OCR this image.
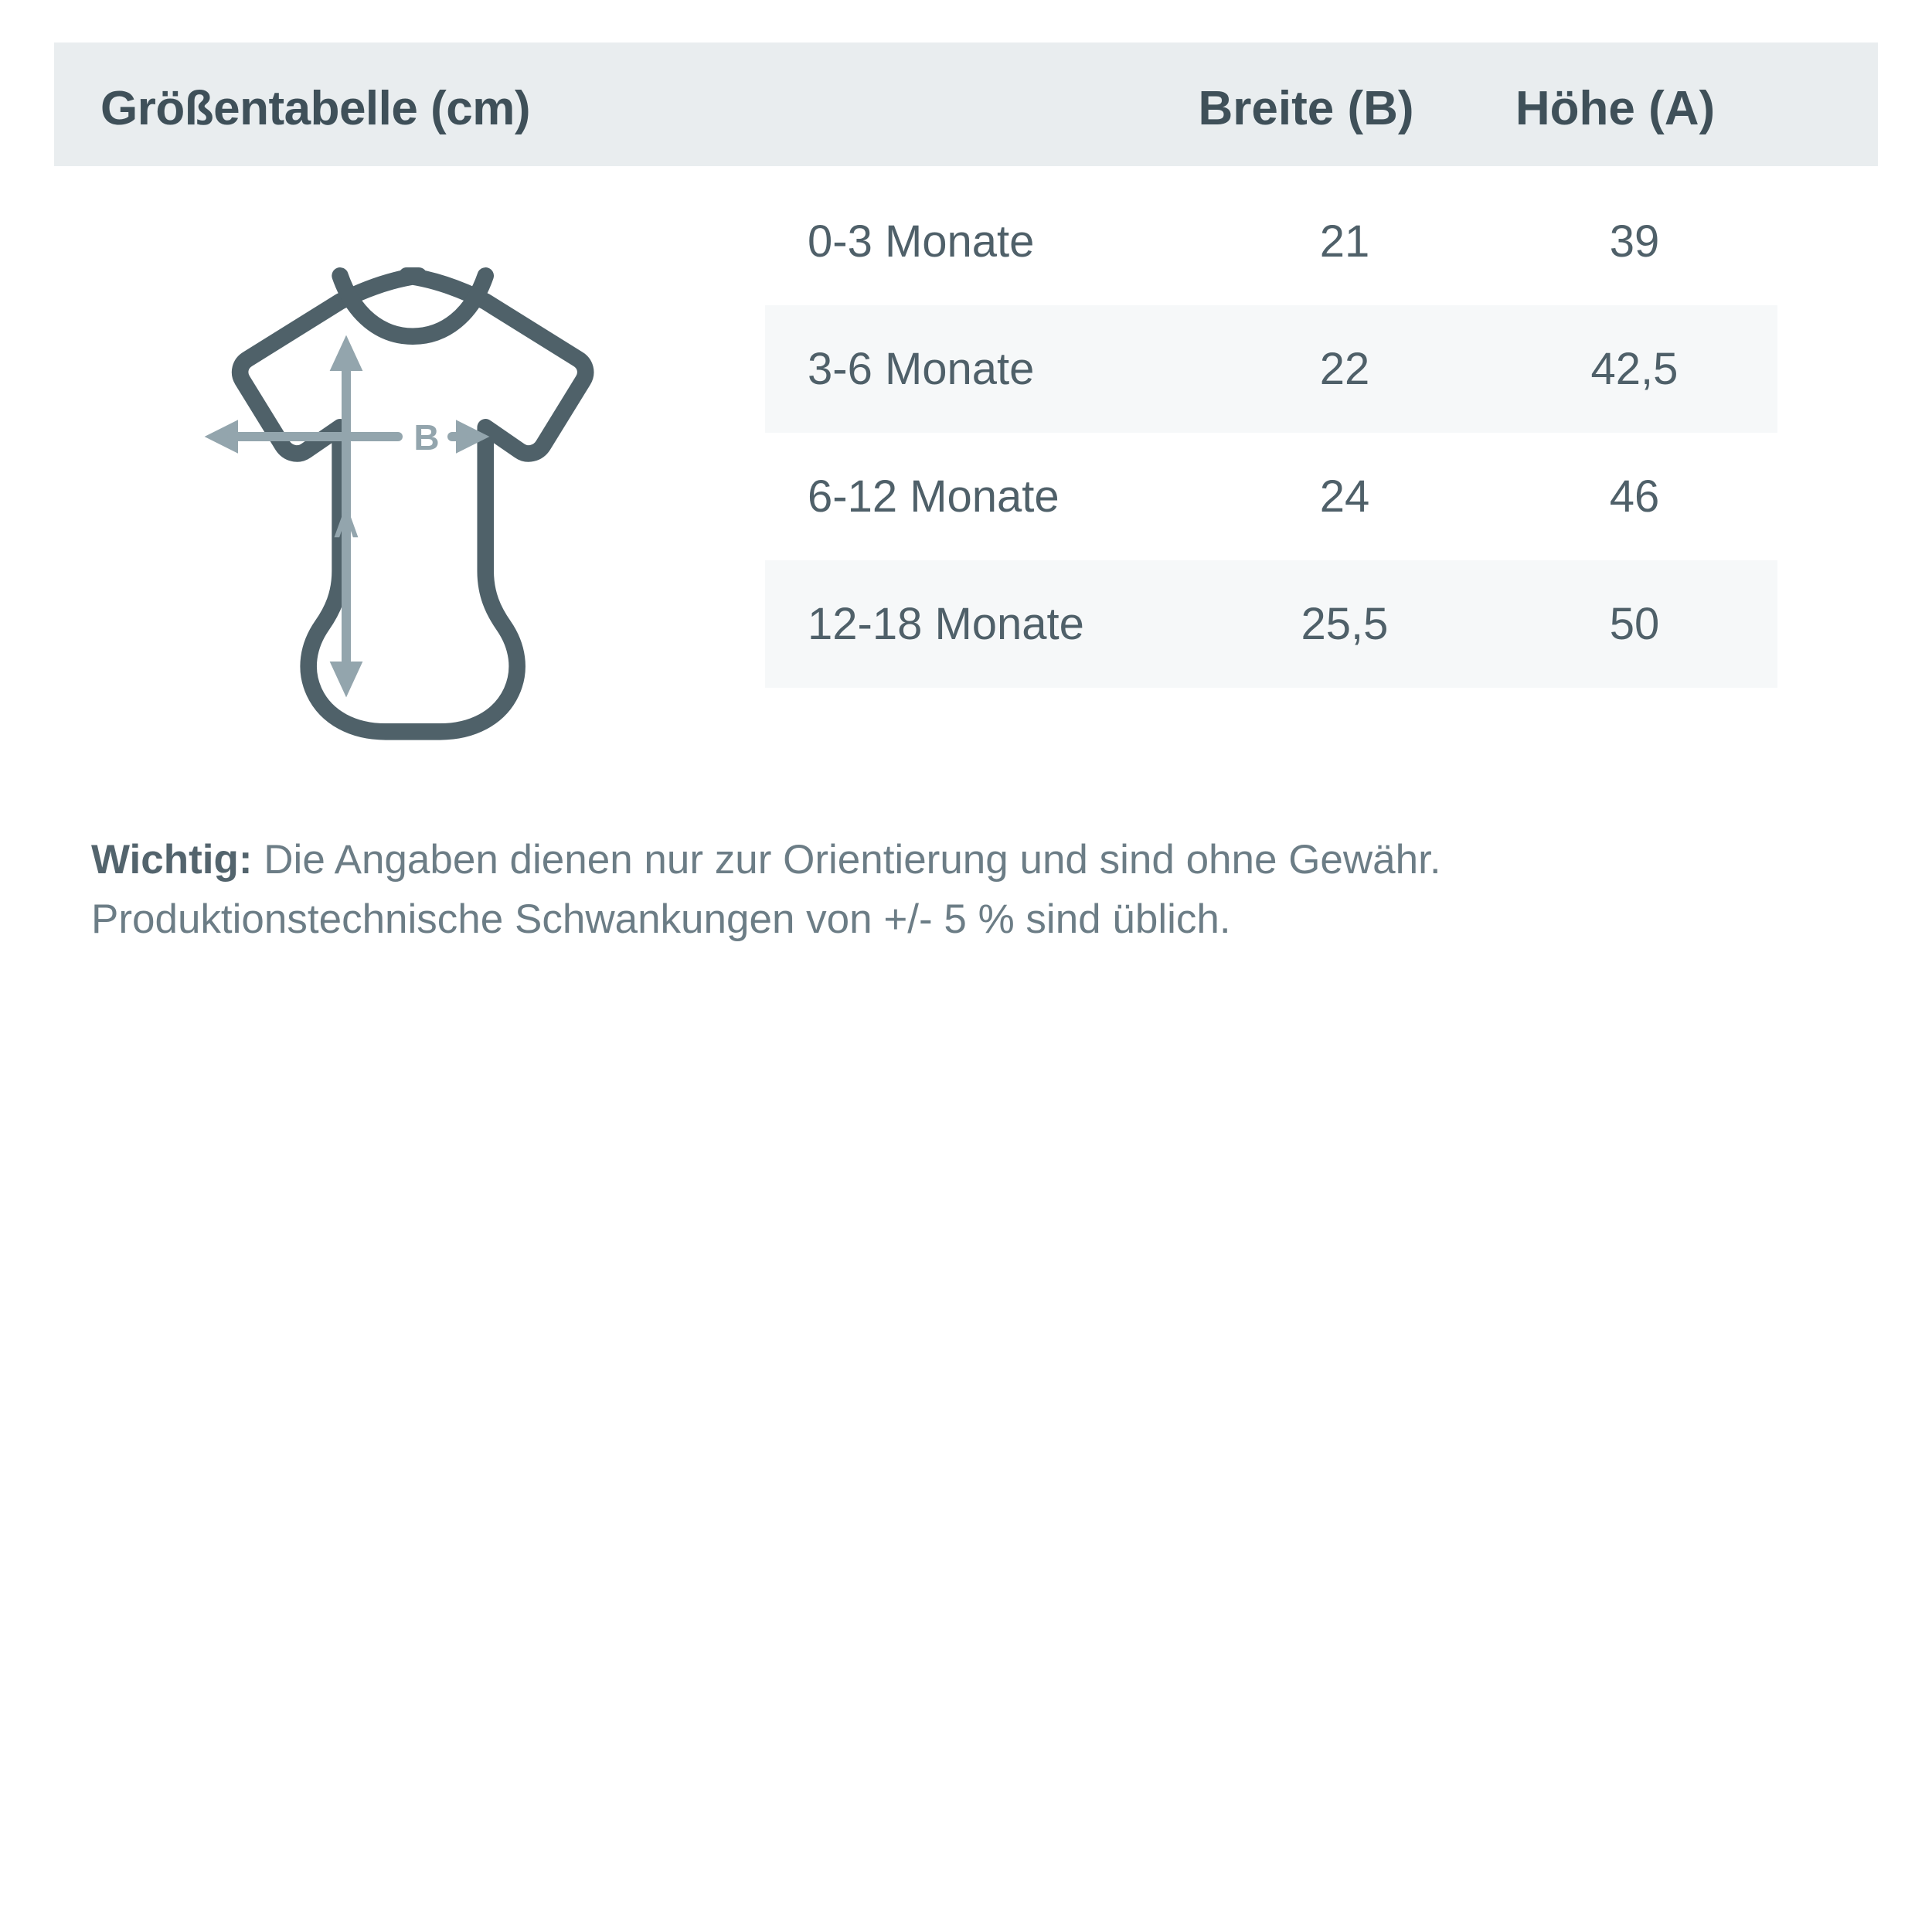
Größentabelle (cm)	Breite (B)	Höhe (A)
B
A
0-3 Monate	21	39
3-6 Monate	22	42,5
6-12 Monate	24	46
12-18 Monate	25,5	50
Wichtig: Die Angaben dienen nur zur Orientierung und sind ohne Gewähr.
Produktionstechnische Schwankungen von +/- 5 % sind üblich.
